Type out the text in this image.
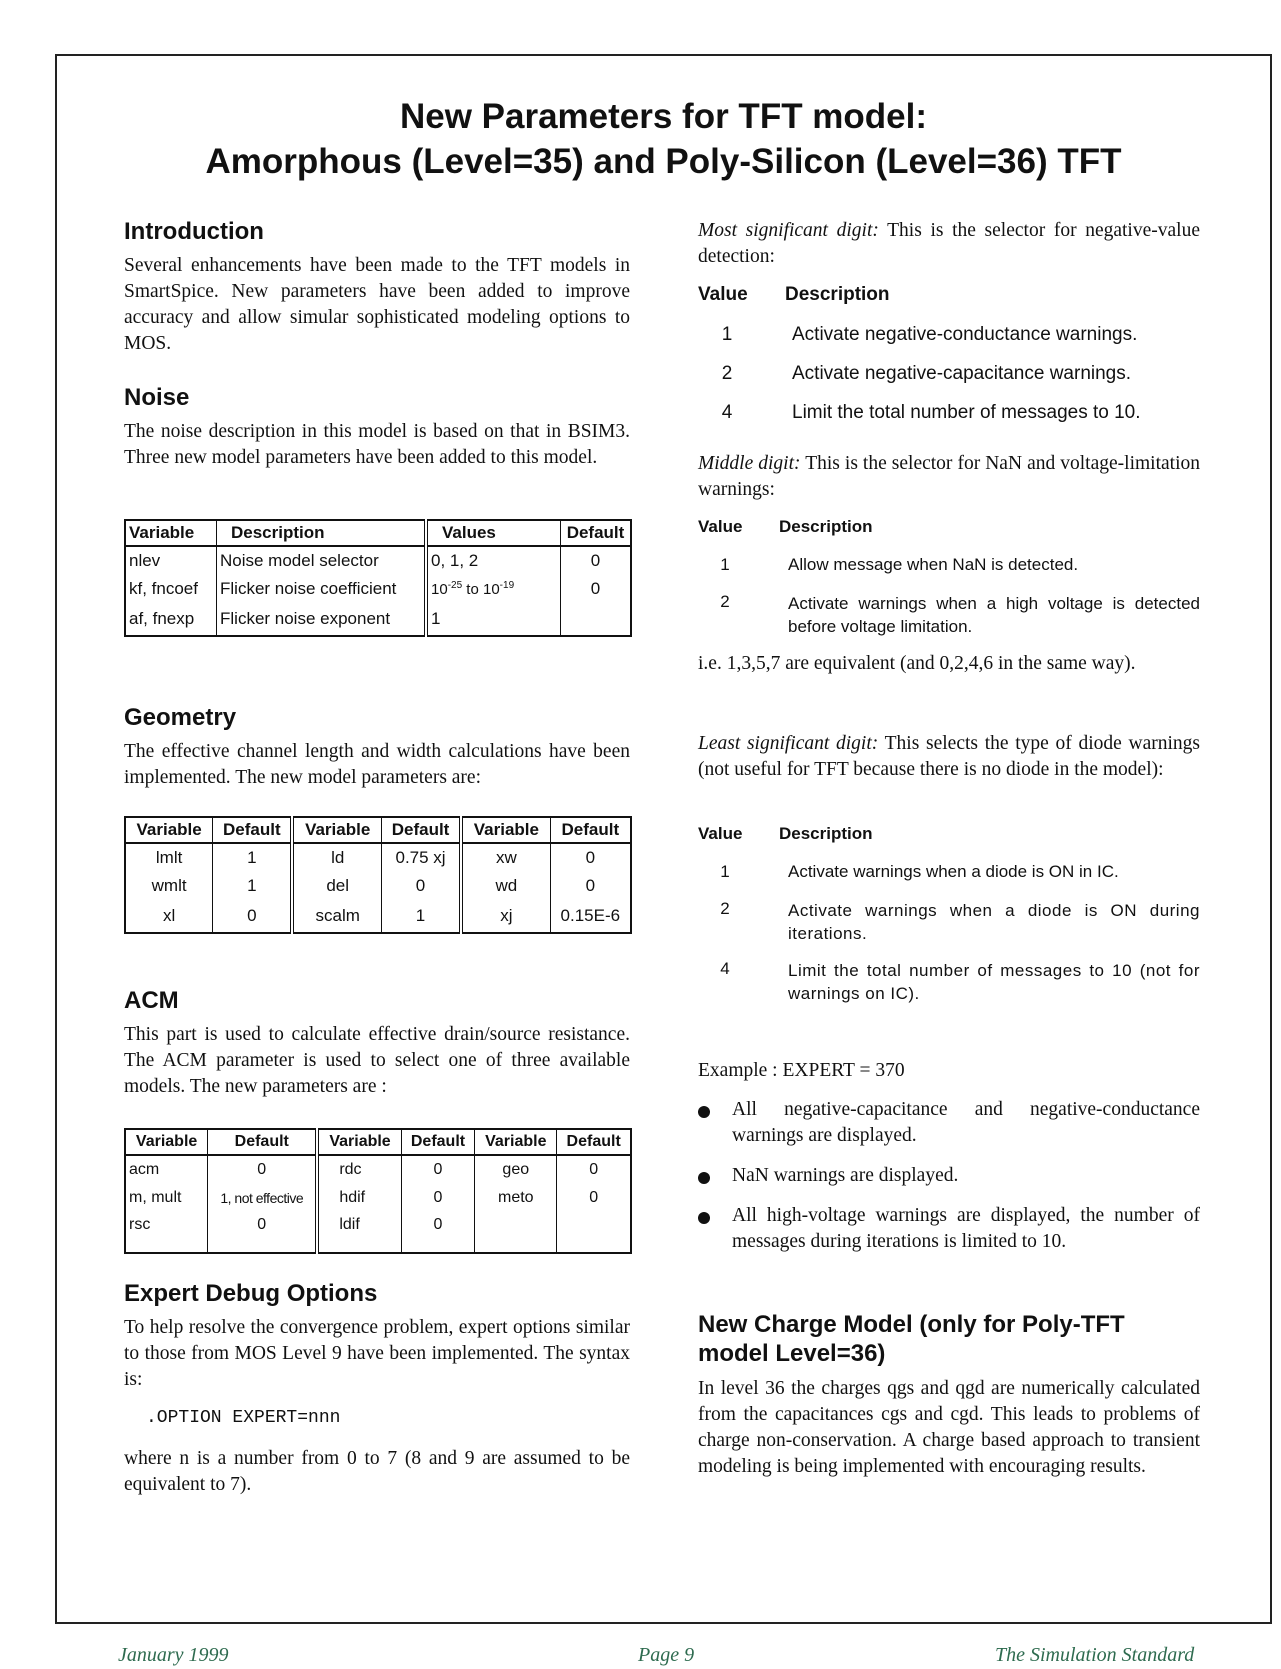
New Parameters for TFT model:
Amorphous (Level=35) and Poly-Silicon (Level=36) TFT
Introduction

Several enhancements have been made to the TFT models in SmartSpice. New parameters have been added to improve accuracy and allow simular sophisticated modeling options to MOS.

Noise

The noise description in this model is based on that in BSIM3. Three new model parameters have been added to this model.

Variable	Description	Values	Default
nlev	Noise model selector	0, 1, 2	0
kf, fncoef	Flicker noise coefficient	$10^{-25}$ to $10^{-19}$	0
af, fnexp	Flicker noise exponent	1	
Geometry

The effective channel length and width calculations have been implemented. The new model parameters are:

Variable	Default	Variable	Default	Variable	Default
lmlt	1	ld	0.75 xj	xw	0
wmlt	1	del	0	wd	0
xl	0	scalm	1	xj	0.15E-6
ACM

This part is used to calculate effective drain/source resistance. The ACM parameter is used to select one of three available models. The new parameters are :

Variable	Default	Variable	Default	Variable	Default
acm	0	rdc	0	geo	0
m, mult	1, not effective	hdif	0	meto	0
rsc	0	ldif	0		
Expert Debug Options

To help resolve the convergence problem, expert options similar to those from MOS Level 9 have been implemented. The syntax is:

.OPTION EXPERT=nnn

where n is a number from 0 to 7 (8 and 9 are assumed to be equivalent to 7).

Most significant digit: This is the selector for negative-value detection:

Value Description
1	Activate negative-conductance warnings.
2	Activate negative-capacitance warnings.
4	Limit the total number of messages to 10.

Middle digit: This is the selector for NaN and voltage-limitation warnings:

Value Description
1	Allow message when NaN is detected.
2	Activate warnings when a high voltage is detected before voltage limitation.

i.e. 1,3,5,7 are equivalent (and 0,2,4,6 in the same way).

Least significant digit: This selects the type of diode warnings (not useful for TFT because there is no diode in the model):

Value Description
1	Activate warnings when a diode is ON in IC.
2	Activate warnings when a diode is ON during iterations.
4	Limit the total number of messages to 10 (not for warnings on IC).
Example : EXPERT = 370
All negative-capacitance and negative-conductance warnings are displayed.
NaN warnings are displayed.
All high-voltage warnings are displayed, the number of messages during iterations is limited to 10.
New Charge Model (only for Poly-TFT
model Level=36)

In level 36 the charges qgs and qgd are numerically calculated from the capacitances cgs and cgd. This leads to problems of charge non-conservation. A charge based approach to transient modeling is being implemented with encouraging results.

January 1999	Page 9	The Simulation Standard
